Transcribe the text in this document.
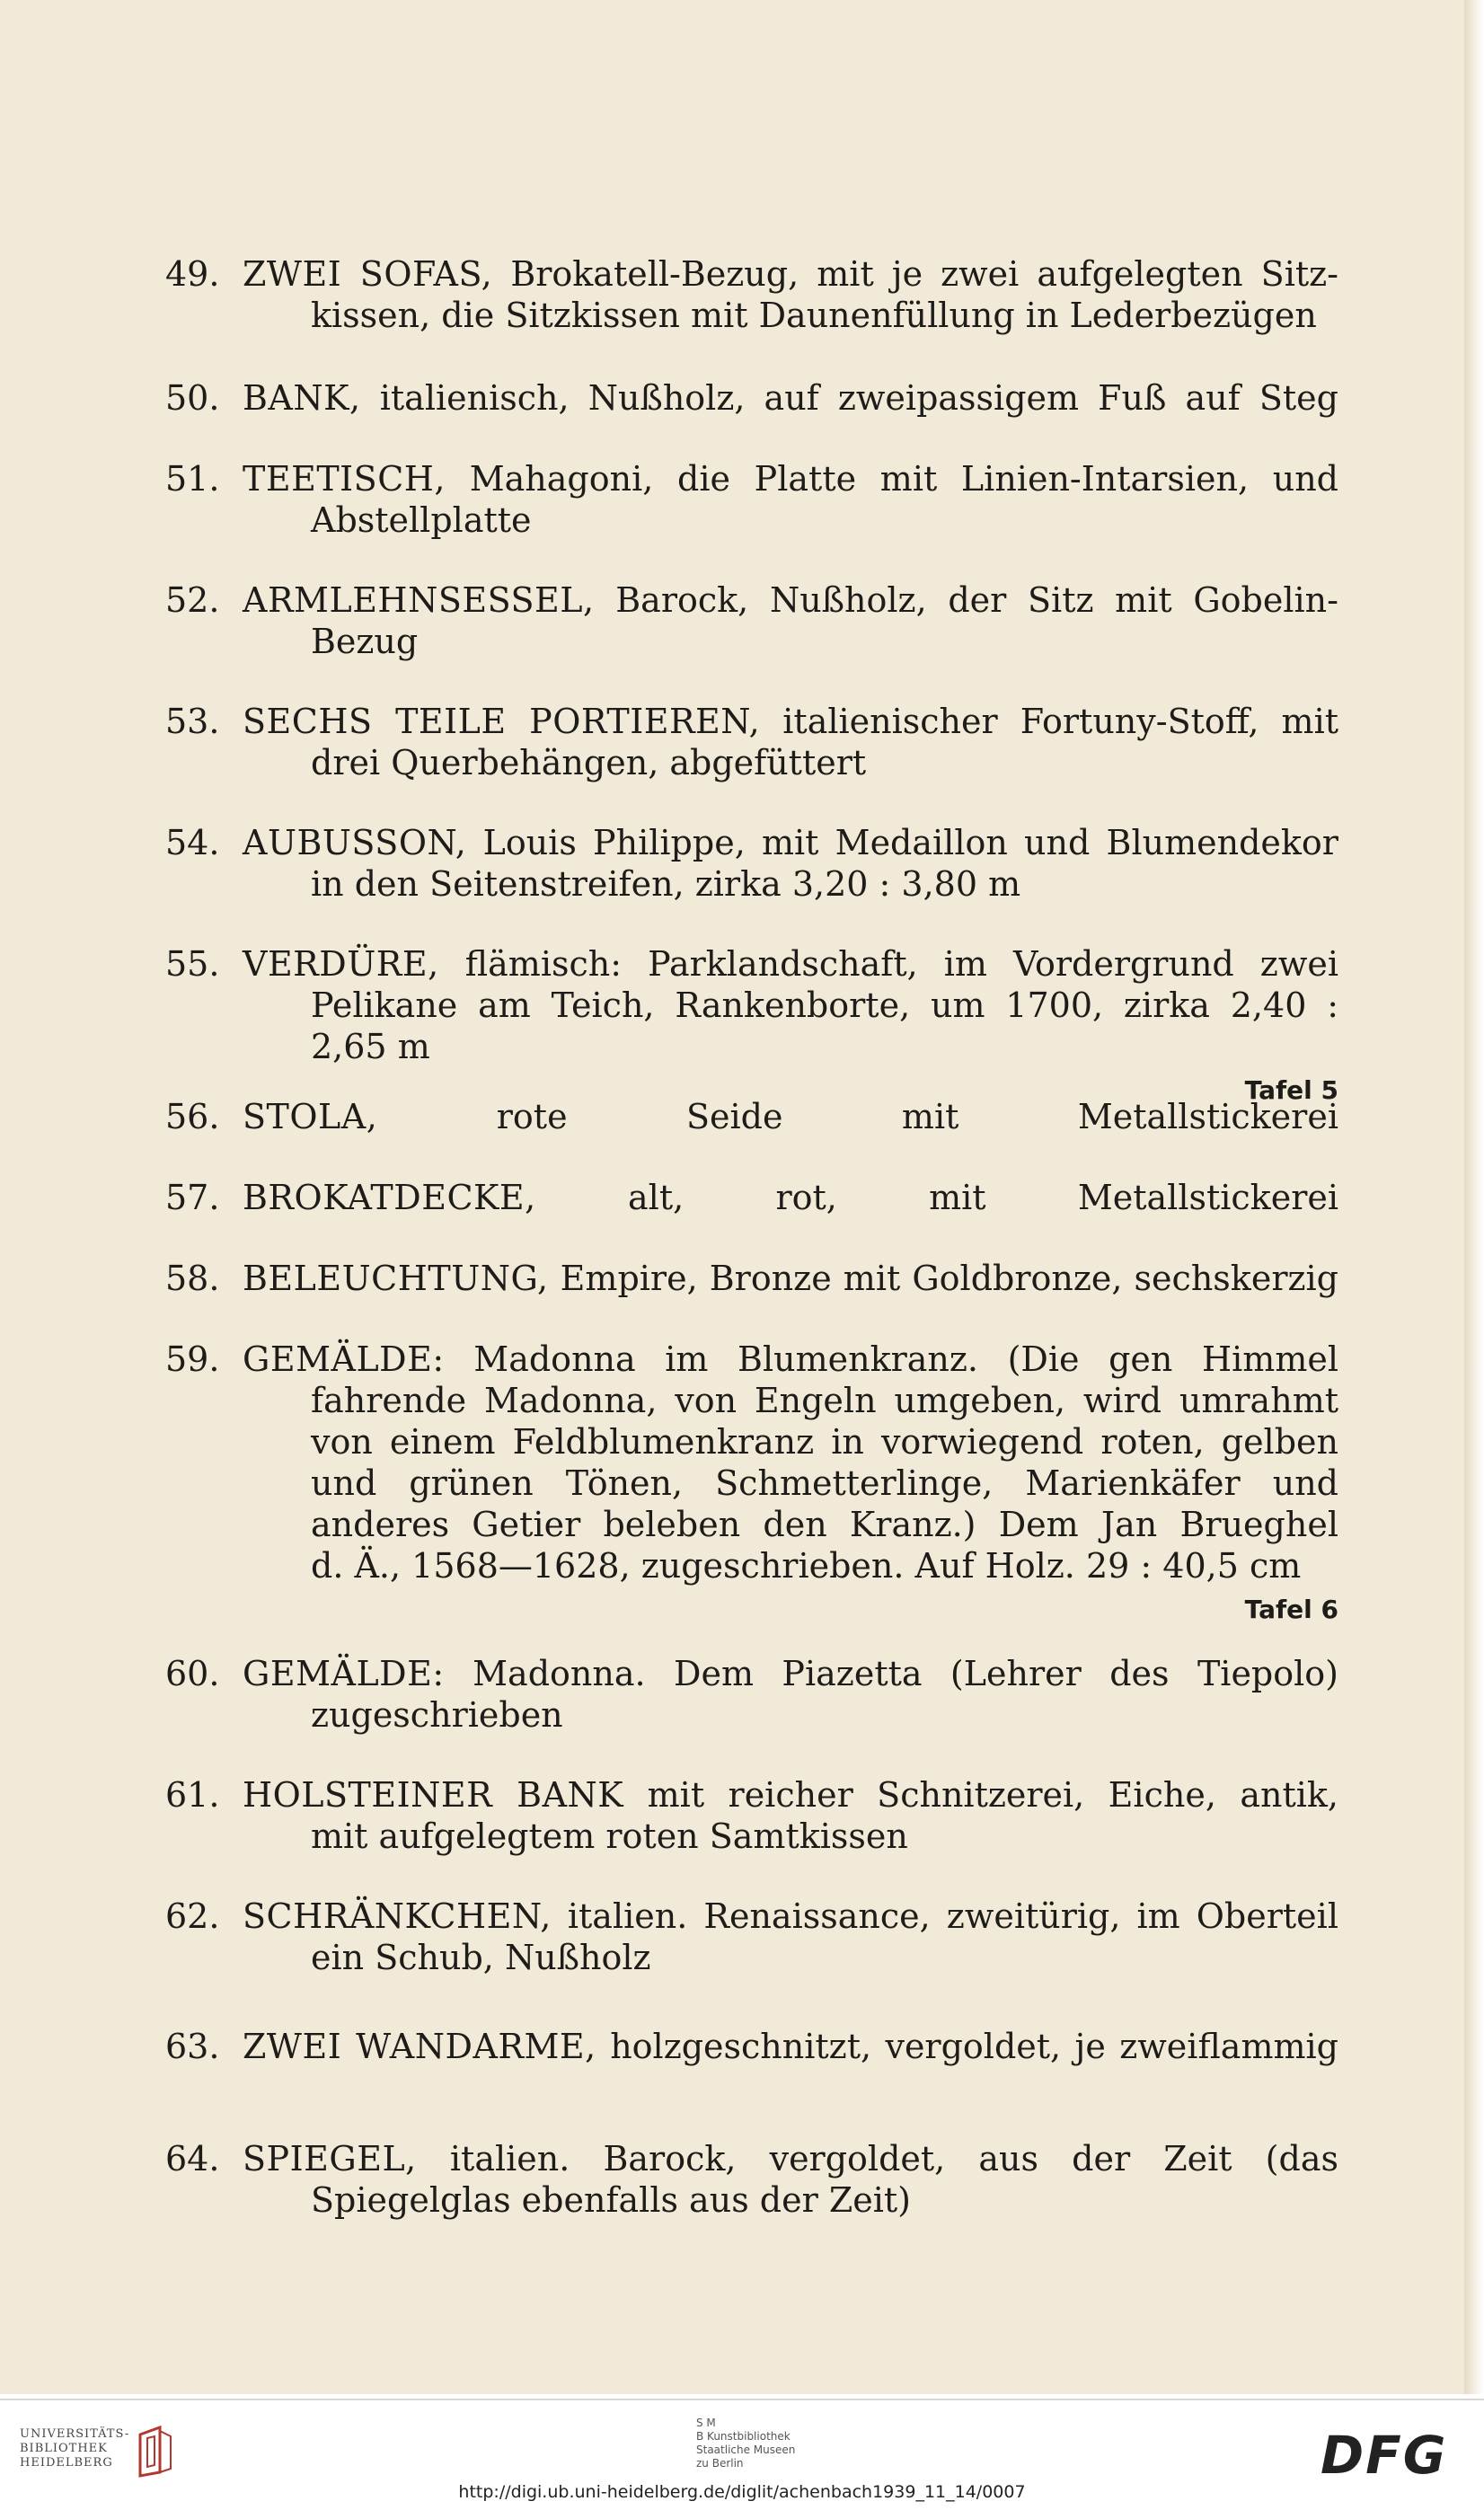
49. ZWEI SOFAS, Brokatell-Bezug, mit je zwei aufgelegten Sitz-
kissen, die Sitzkissen mit Daunenfüllung in Lederbezügen
50. BANK, italienisch, Nußholz, auf zweipassigem Fuß auf Steg
51. TEETISCH, Mahagoni, die Platte mit Linien-Intarsien, und
Abstellplatte
52. ARMLEHNSESSEL, Barock, Nußholz, der Sitz mit Gobelin-
Bezug
53. SECHS TEILE PORTIEREN, italienischer Fortuny-Stoff, mit
drei Querbehängen, abgefüttert
54. AUBUSSON, Louis Philippe, mit Medaillon und Blumendekor
in den Seitenstreifen, zirka 3,20 : 3,80 m
55. VERDÜRE, flämisch: Parklandschaft, im Vordergrund zwei
Pelikane am Teich, Rankenborte, um 1700, zirka 2,40 : 2,65 m
Tafel 5
56. STOLA,	rote Seide mit Metallstickerei
57. BROKATDECKE,	alt, rot, mit Metallstickerei
58. BELEUCHTUNG, Empire, Bronze mit Goldbronze, sechskerzig
59. GEMÄLDE: Madonna im Blumenkranz. (Die gen Himmel
fahrende Madonna, von Engeln umgeben, wird umrahmt
von einem Feldblumenkranz in vorwiegend roten, gelben
und grünen Tönen, Schmetterlinge, Marienkäfer und
anderes Getier beleben den Kranz.) Dem Jan Brueghel
d. Ä., 1568—1628, zugeschrieben. Auf Holz. 29 : 40,5 cm
Tafel 6
60. GEMÄLDE: Madonna. Dem Piazetta (Lehrer des Tiepolo)
zugeschrieben
61. HOLSTEINER BANK mit reicher Schnitzerei, Eiche, antik,
mit aufgelegtem roten Samtkissen
62. SCHRÄNKCHEN, italien. Renaissance, zweitürig, im Oberteil
ein Schub, Nußholz
63. ZWEI WANDARME, holzgeschnitzt, vergoldet, je zweiflammig
64. SPIEGEL, italien. Barock, vergoldet, aus der Zeit (das
Spiegelglas ebenfalls aus der Zeit)
UNIVERSITÄTS-
BIBLIOTHEK
HEIDELBERG
S M
B Kunstbibliothek
Staatliche Museen
zu Berlin	DFG
http://digi.ub.uni-heidelberg.de/diglit/achenbach1939_11_14/0007
